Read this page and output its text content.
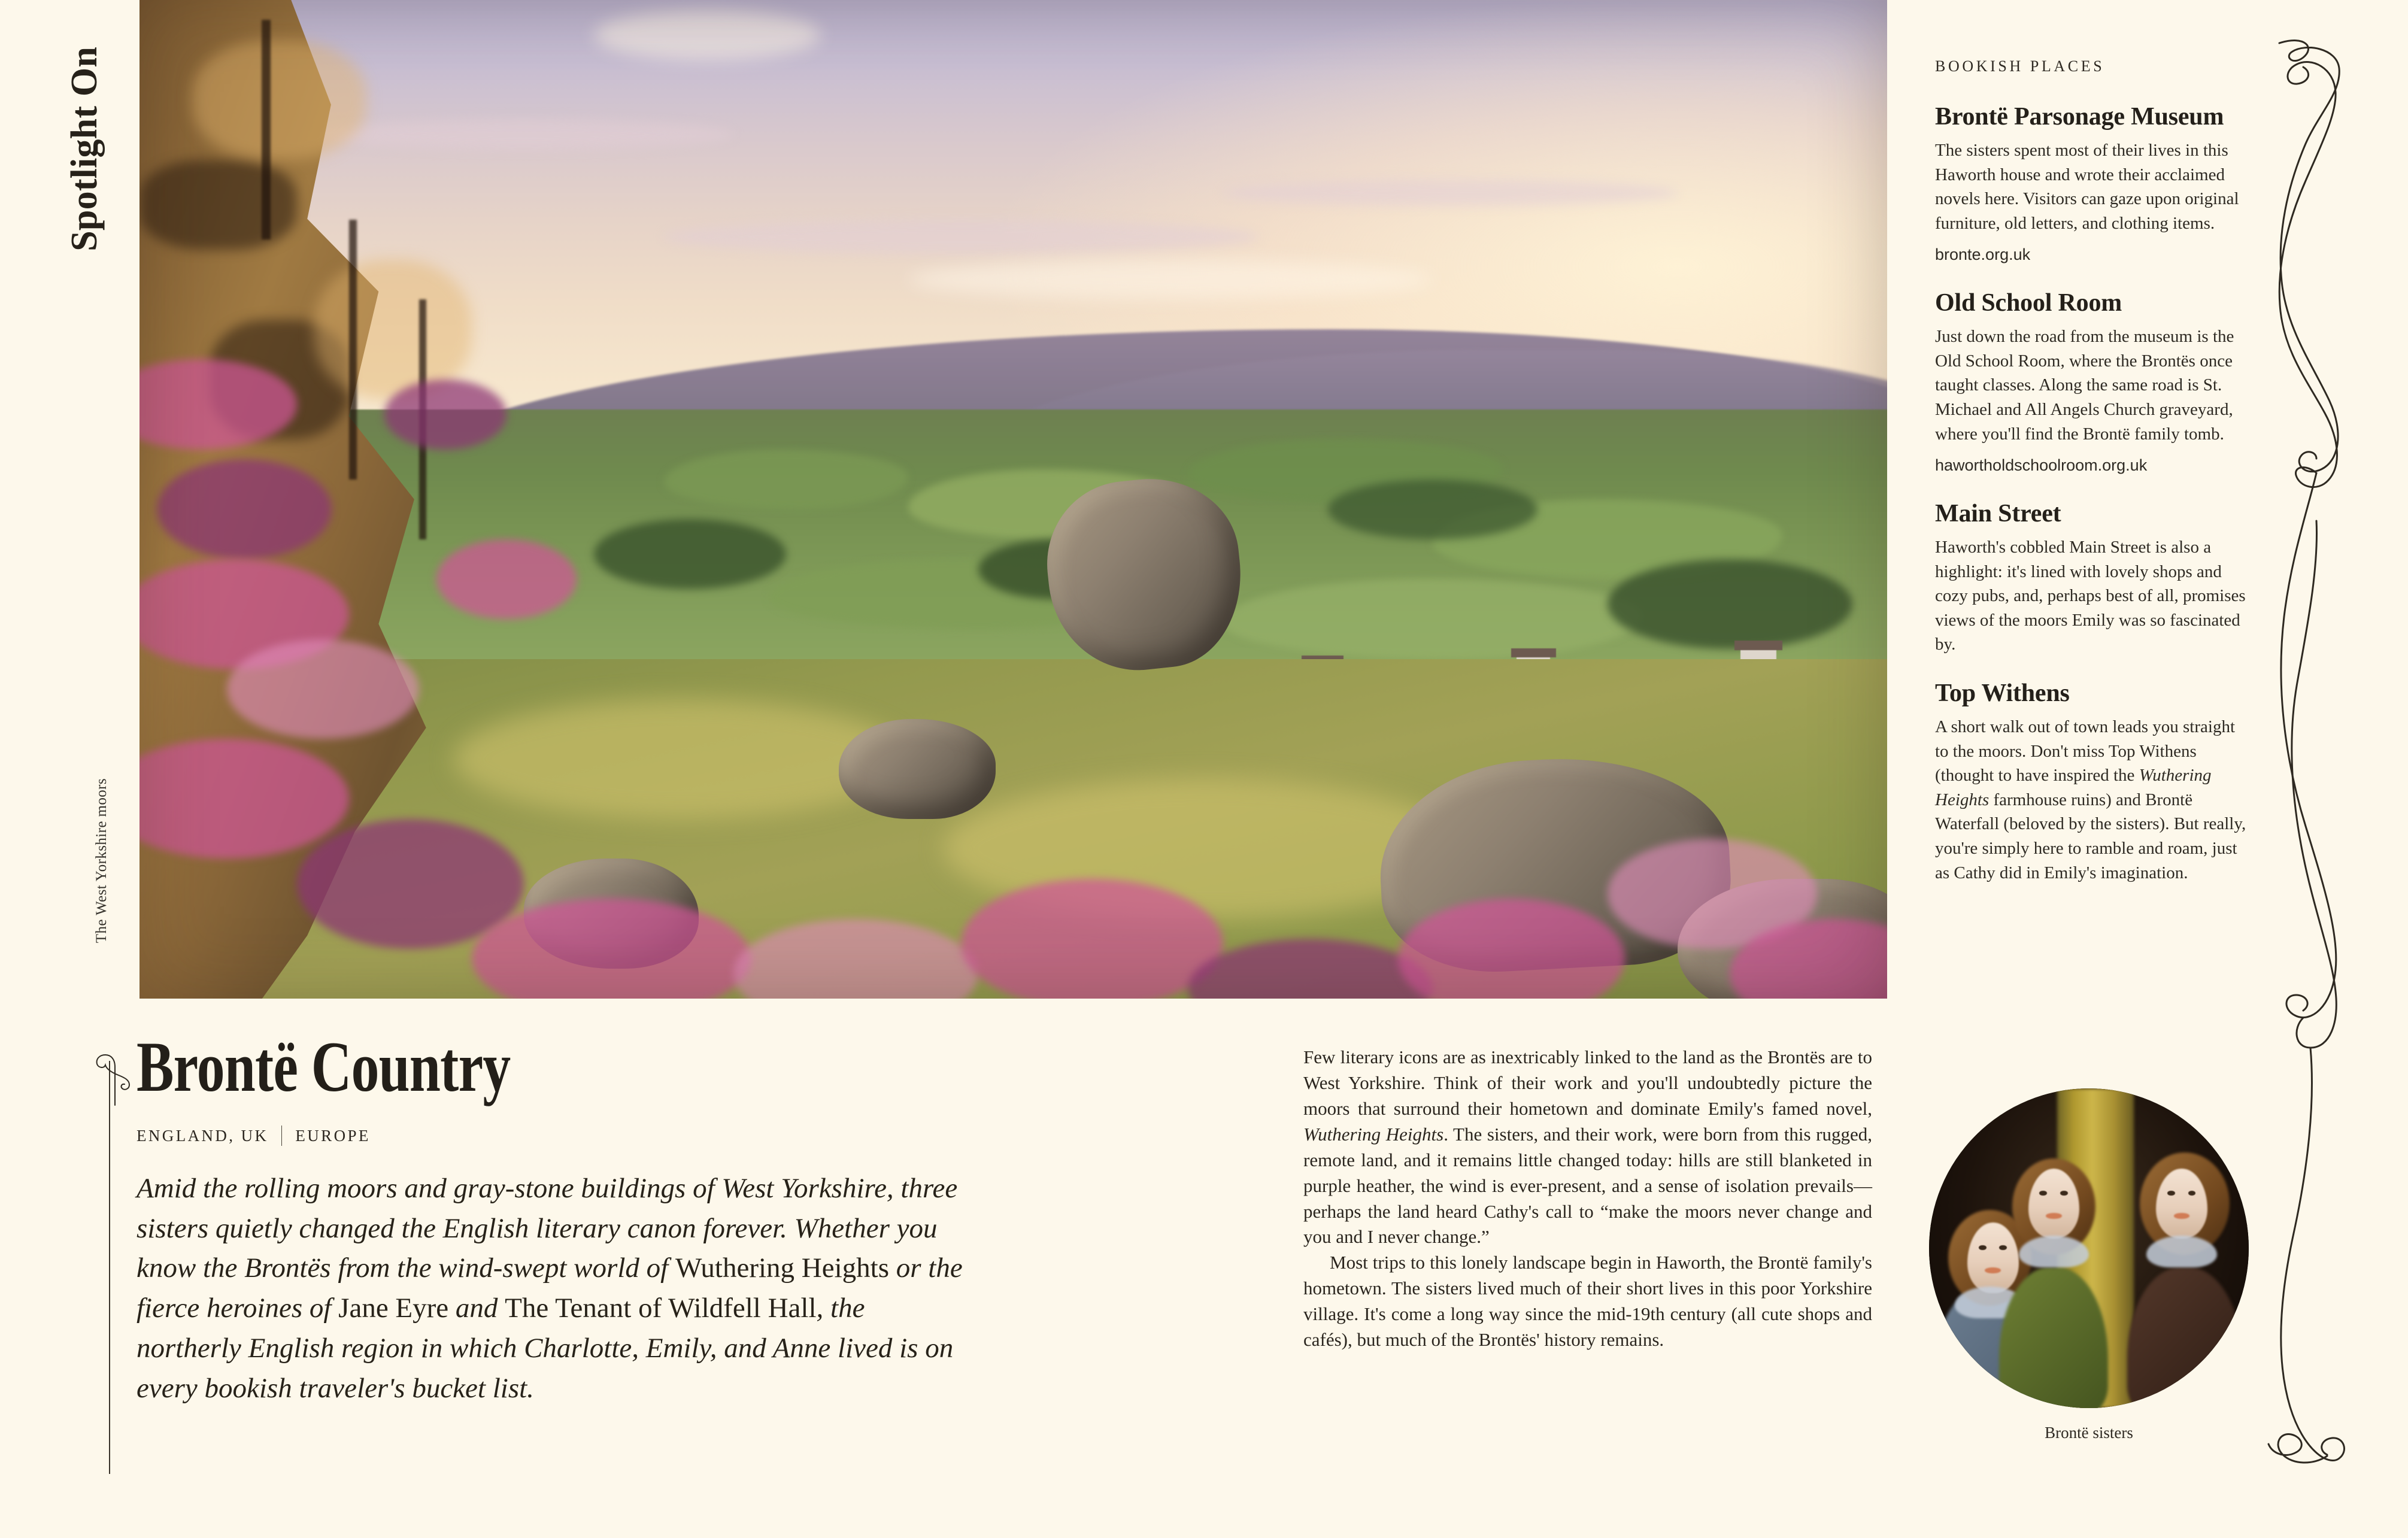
Spotlight On
The West Yorkshire moors
BOOKISH PLACES
Brontë Parsonage Museum
The sisters spent most of their lives in this Haworth house and wrote their acclaimed novels here. Visitors can gaze upon original furniture, old letters, and clothing items.
bronte.org.uk
Old School Room
Just down the road from the museum is the Old School Room, where the Brontës once taught classes. Along the same road is St. Michael and All Angels Church graveyard, where you'll find the Brontë family tomb.
hawortholdschoolroom.org.uk
Main Street
Haworth's cobbled Main Street is also a highlight: it's lined with lovely shops and cozy pubs, and, perhaps best of all, promises views of the moors Emily was so fascinated by.
Top Withens
A short walk out of town leads you straight to the moors. Don't miss Top Withens (thought to have inspired the Wuthering Heights farmhouse ruins) and Brontë Waterfall (beloved by the sisters). But really, you're simply here to ramble and roam, just as Cathy did in Emily's imagination.
Brontë Country
ENGLAND, UK EUROPE
Amid the rolling moors and gray-stone buildings of West Yorkshire, three sisters quietly changed the English literary canon forever. Whether you know the Brontës from the wind-swept world of Wuthering Heights or the fierce heroines of Jane Eyre and The Tenant of Wildfell Hall, the northerly English region in which Charlotte, Emily, and Anne lived is on every bookish traveler's bucket list.

Few literary icons are as inextricably linked to the land as the Brontës are to West Yorkshire. Think of their work and you'll undoubtedly picture the moors that surround their hometown and dominate Emily's famed novel, Wuthering Heights. The sisters, and their work, were born from this rugged, remote land, and it remains little changed today: hills are still blanketed in purple heather, the wind is ever-present, and a sense of isolation prevails—perhaps the land heard Cathy's call to “make the moors never change and you and I never change.”

Most trips to this lonely landscape begin in Haworth, the Brontë family's hometown. The sisters lived much of their short lives in this poor Yorkshire village. It's come a long way since the mid-19th century (all cute shops and cafés), but much of the Brontës' history remains.

Brontë sisters
